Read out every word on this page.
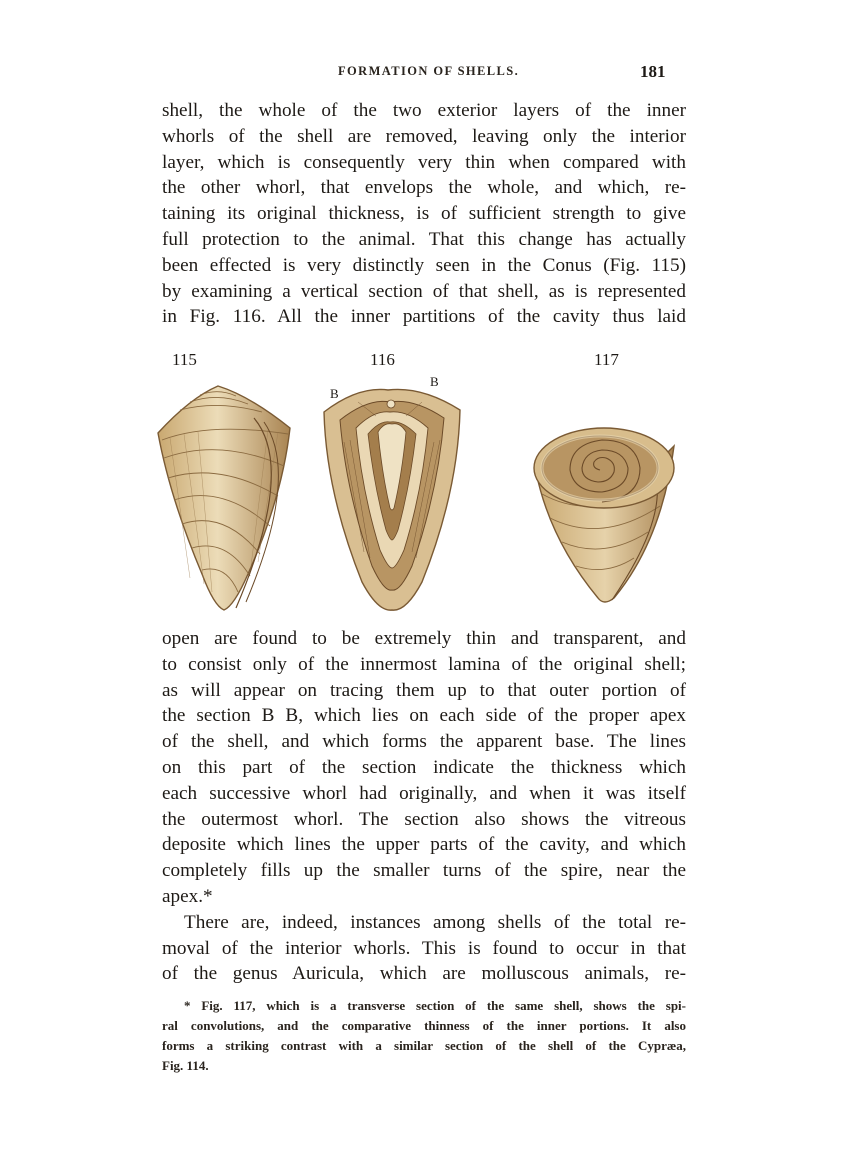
FORMATION OF SHELLS.	181
shell, the whole of the two exterior layers of the inner
whorls of the shell are removed, leaving only the interior
layer, which is consequently very thin when compared with
the other whorl, that envelops the whole, and which, re-
taining its original thickness, is of sufficient strength to give
full protection to the animal. That this change has actually
been effected is very distinctly seen in the Conus (Fig. 115)
by examining a vertical section of that shell, as is represented
in Fig. 116. All the inner partitions of the cavity thus laid
115	116	117
B
B
open are found to be extremely thin and transparent, and
to consist only of the innermost lamina of the original shell;
as will appear on tracing them up to that outer portion of
the section B B, which lies on each side of the proper apex
of the shell, and which forms the apparent base. The lines
on this part of the section indicate the thickness which
each successive whorl had originally, and when it was itself
the outermost whorl. The section also shows the vitreous
deposite which lines the upper parts of the cavity, and which
completely fills up the smaller turns of the spire, near the
apex.*
There are, indeed, instances among shells of the total re-
moval of the interior whorls. This is found to occur in that
of the genus Auricula, which are molluscous animals, re-
* Fig. 117, which is a transverse section of the same shell, shows the spi-
ral convolutions, and the comparative thinness of the inner portions. It also
forms a striking contrast with a similar section of the shell of the Cypræa,
Fig. 114.
